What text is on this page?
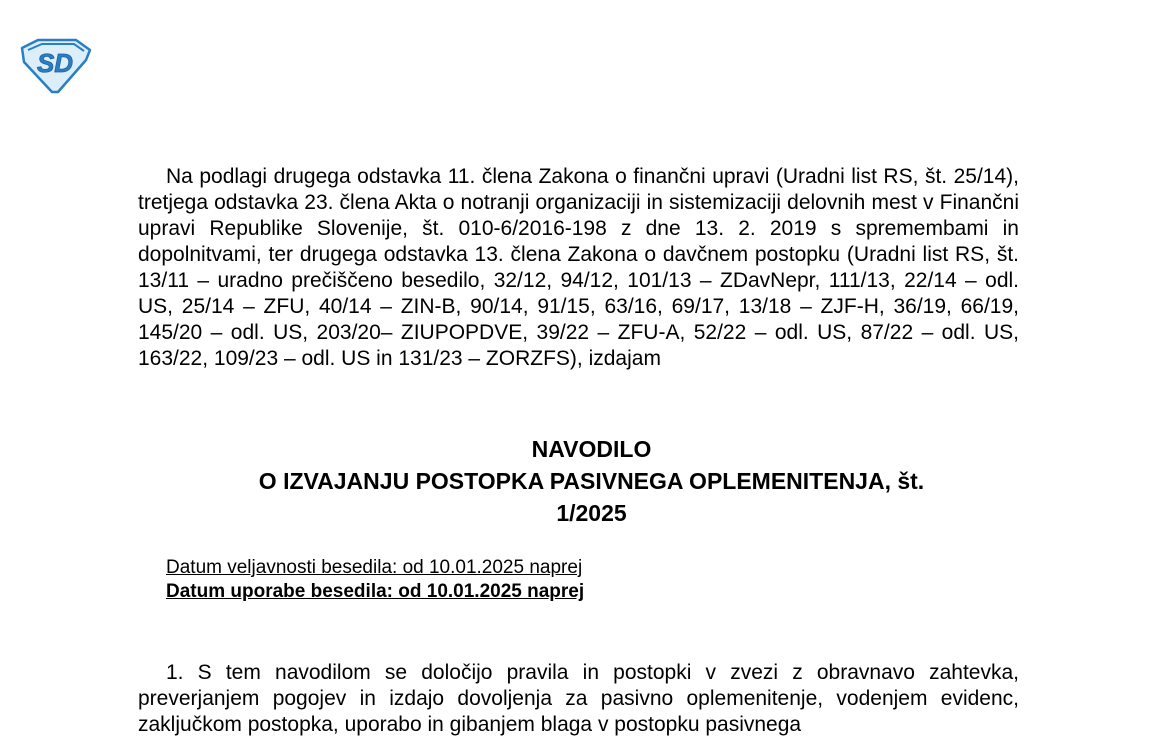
SD

Na podlagi drugega odstavka 11. člena Zakona o finančni upravi (Uradni list RS, št. 25/14), tretjega odstavka 23. člena Akta o notranji organizaciji in sistemizaciji delovnih mest v Finančni upravi Republike Slovenije, št. 010-6/2016-198 z dne 13. 2. 2019 s spremembami in dopolnitvami, ter drugega odstavka 13. člena Zakona o davčnem postopku (Uradni list RS, št. 13/11 – uradno prečiščeno besedilo, 32/12, 94/12, 101/13 – ZDavNepr, 111/13, 22/14 – odl. US, 25/14 – ZFU, 40/14 – ZIN-B, 90/14, 91/15, 63/16, 69/17, 13/18 – ZJF-H, 36/19, 66/19, 145/20 – odl. US, 203/20– ZIUPOPDVE, 39/22 – ZFU-A, 52/22 – odl. US, 87/22 – odl. US, 163/22, 109/23 – odl. US in 131/23 – ZORZFS), izdajam

NAVODILO
O IZVAJANJU POSTOPKA PASIVNEGA OPLEMENITENJA, št.
1/2025
Datum veljavnosti besedila: od 10.01.2025 naprej
Datum uporabe besedila: od 10.01.2025 naprej

1. S tem navodilom se določijo pravila in postopki v zvezi z obravnavo zahtevka, preverjanjem pogojev in izdajo dovoljenja za pasivno oplemenitenje, vodenjem evidenc, zaključkom postopka, uporabo in gibanjem blaga v postopku pasivnega
